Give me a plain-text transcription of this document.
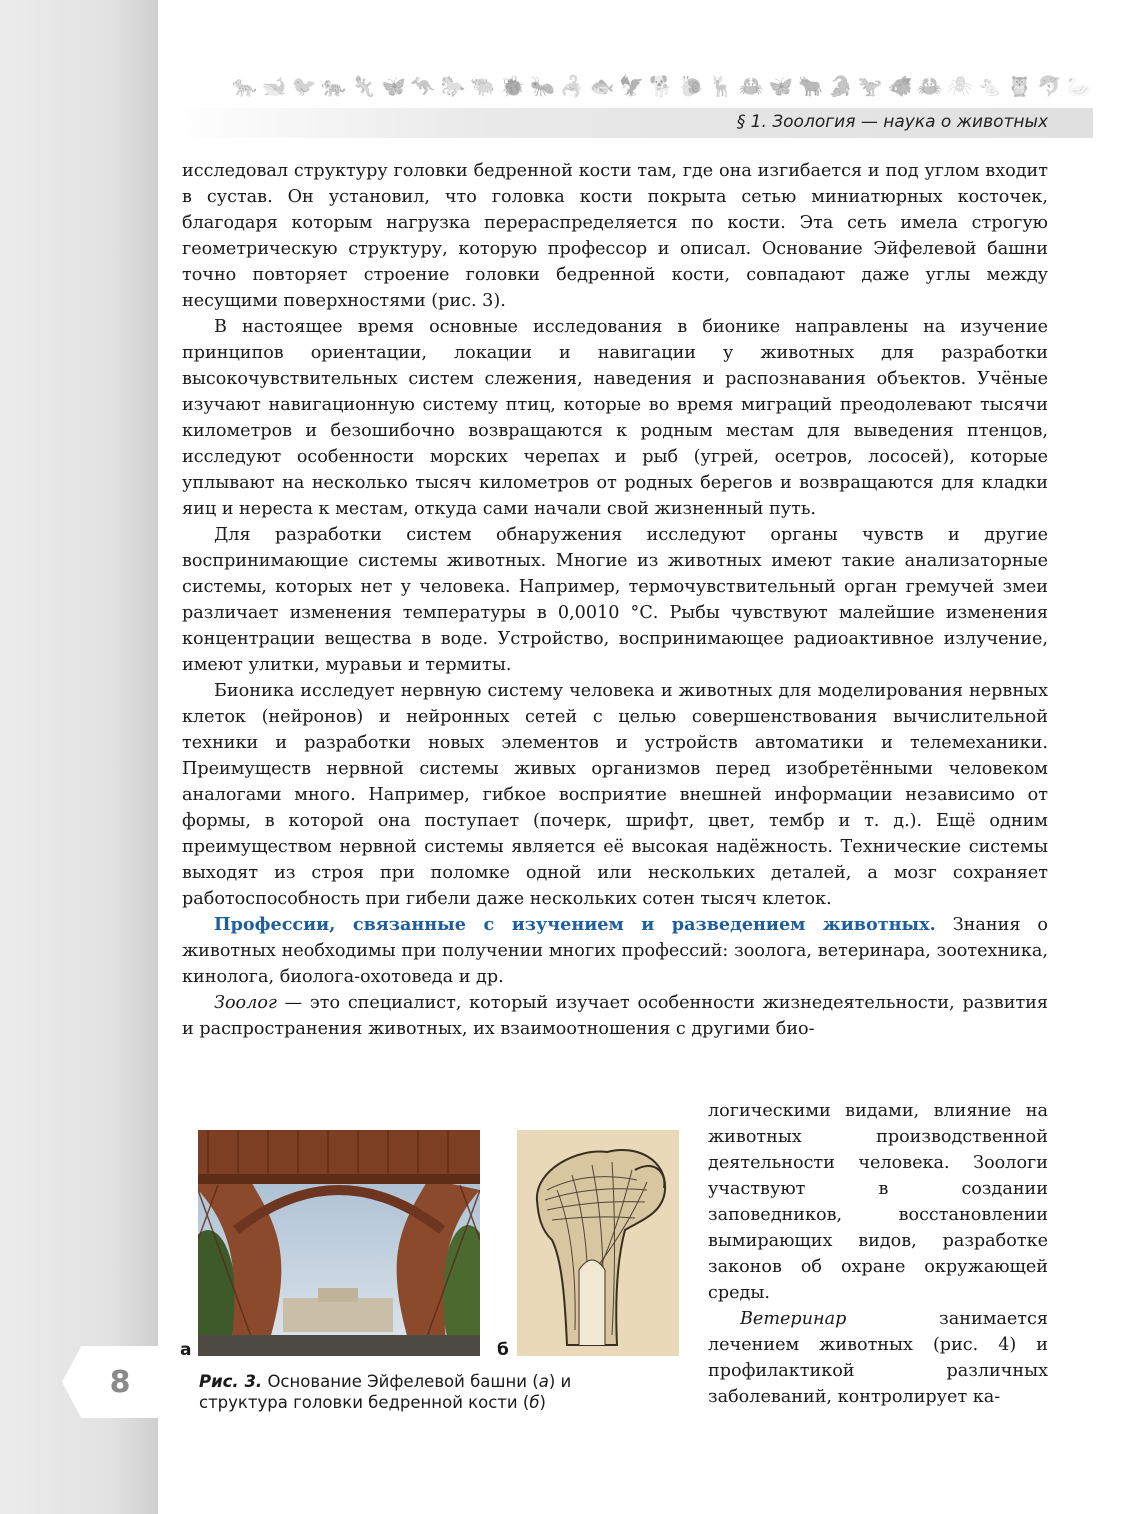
8
🐆 🐋 🐦 🐅 🦎 🦋 🦘 🐎 🐃 🐞 🐜 🦂 🐟 🦅 🐕 🐌 🦌 🦀 🦋 🐂 🐊 🦖 🐗 🦀 🕷 🐁 🦉 🐬 🦢
§ 1. Зоология — наука о животных

исследовал структуру головки бедренной кости там, где она изгибается и под углом входит в сустав. Он установил, что головка кости покрыта сетью миниатюрных косточек, благодаря которым нагрузка перераспределяется по кости. Эта сеть имела строгую геометрическую структуру, которую профессор и описал. Основание Эйфелевой башни точно повторяет строение головки бедренной кости, совпадают даже углы между несущими поверхностями (рис. 3).

В настоящее время основные исследования в бионике направлены на изучение принципов ориентации, локации и навигации у животных для разработки высокочувствительных систем слежения, наведения и распознавания объектов. Учёные изучают навигационную систему птиц, которые во время миграций преодолевают тысячи километров и безошибочно возвращаются к родным местам для выведения птенцов, исследуют особенности морских черепах и рыб (угрей, осетров, лососей), которые уплывают на несколько тысяч километров от родных берегов и возвращаются для кладки яиц и нереста к местам, откуда сами начали свой жизненный путь.

Для разработки систем обнаружения исследуют органы чувств и другие воспринимающие системы животных. Многие из животных имеют такие анализаторные системы, которых нет у человека. Например, термочувствительный орган гремучей змеи различает изменения температуры в 0,0010 °С. Рыбы чувствуют малейшие изменения концентрации вещества в воде. Устройство, воспринимающее радиоактивное излучение, имеют улитки, муравьи и термиты.

Бионика исследует нервную систему человека и животных для моделирования нервных клеток (нейронов) и нейронных сетей с целью совершенствования вычислительной техники и разработки новых элементов и устройств автоматики и телемеханики. Преимуществ нервной системы живых организмов перед изобретёнными человеком аналогами много. Например, гибкое восприятие внешней информации независимо от формы, в которой она поступает (почерк, шрифт, цвет, тембр и т. д.). Ещё одним преимуществом нервной системы является её высокая надёжность. Технические системы выходят из строя при поломке одной или нескольких деталей, а мозг сохраняет работоспособность при гибели даже нескольких сотен тысяч клеток.

Профессии, связанные с изучением и разведением животных. Знания о животных необходимы при получении многих профессий: зоолога, ветеринара, зоотехника, кинолога, биолога-охотоведа и др.

Зоолог — это специалист, который изучает особенности жизнедеятельности, развития и распространения животных, их взаимоотношения с другими био-

логическими видами, влияние на животных производственной деятельности человека. Зоологи участвуют в создании заповедников, восстановлении вымирающих видов, разработке законов об охране окружающей среды.

Ветеринар занимается лечением животных (рис. 4) и профилактикой различных заболеваний, контролирует ка-

а	б
Рис. 3. Основание Эйфелевой башни (а) и структура головки бедренной кости (б)
